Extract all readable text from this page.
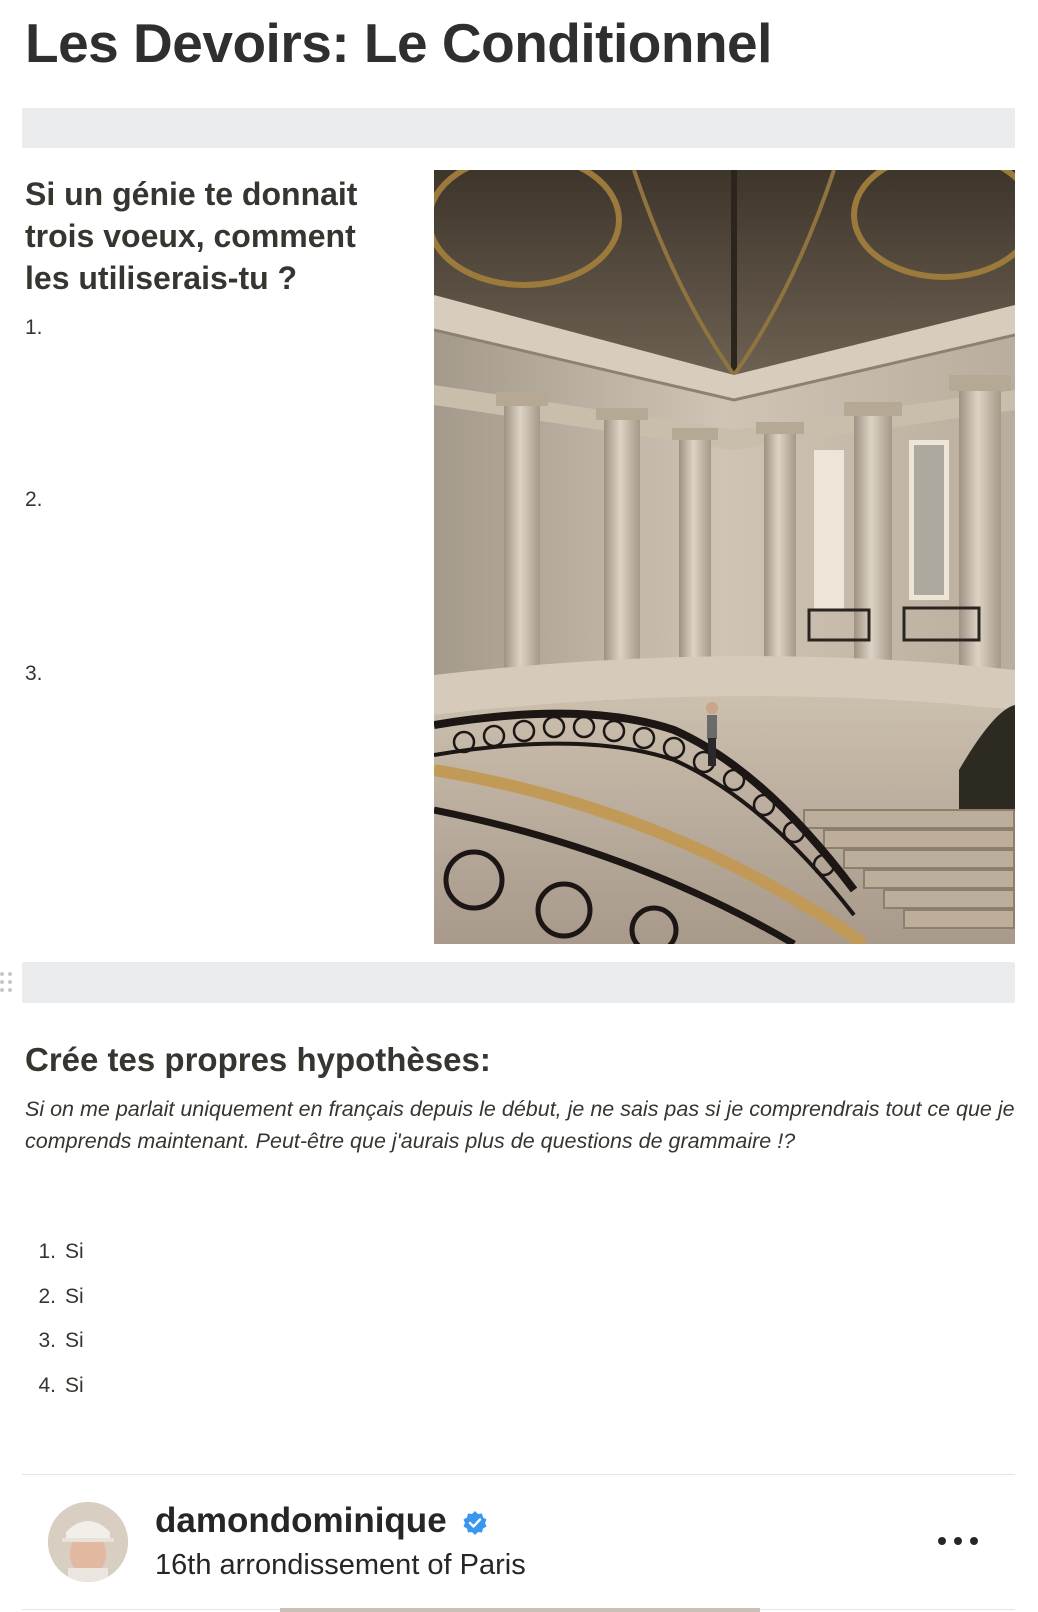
Les Devoirs: Le Conditionnel
Si un génie te donnait trois voeux, comment les utiliserais-tu ?
1.
2.
3.
Crée tes propres hypothèses:
Si on me parlait uniquement en français depuis le début, je ne sais pas si je comprendrais tout ce que je comprends maintenant. Peut-être que j'aurais plus de questions de grammaire !?
1. Si
2. Si
3. Si
4. Si
damondominique
16th arrondissement of Paris
